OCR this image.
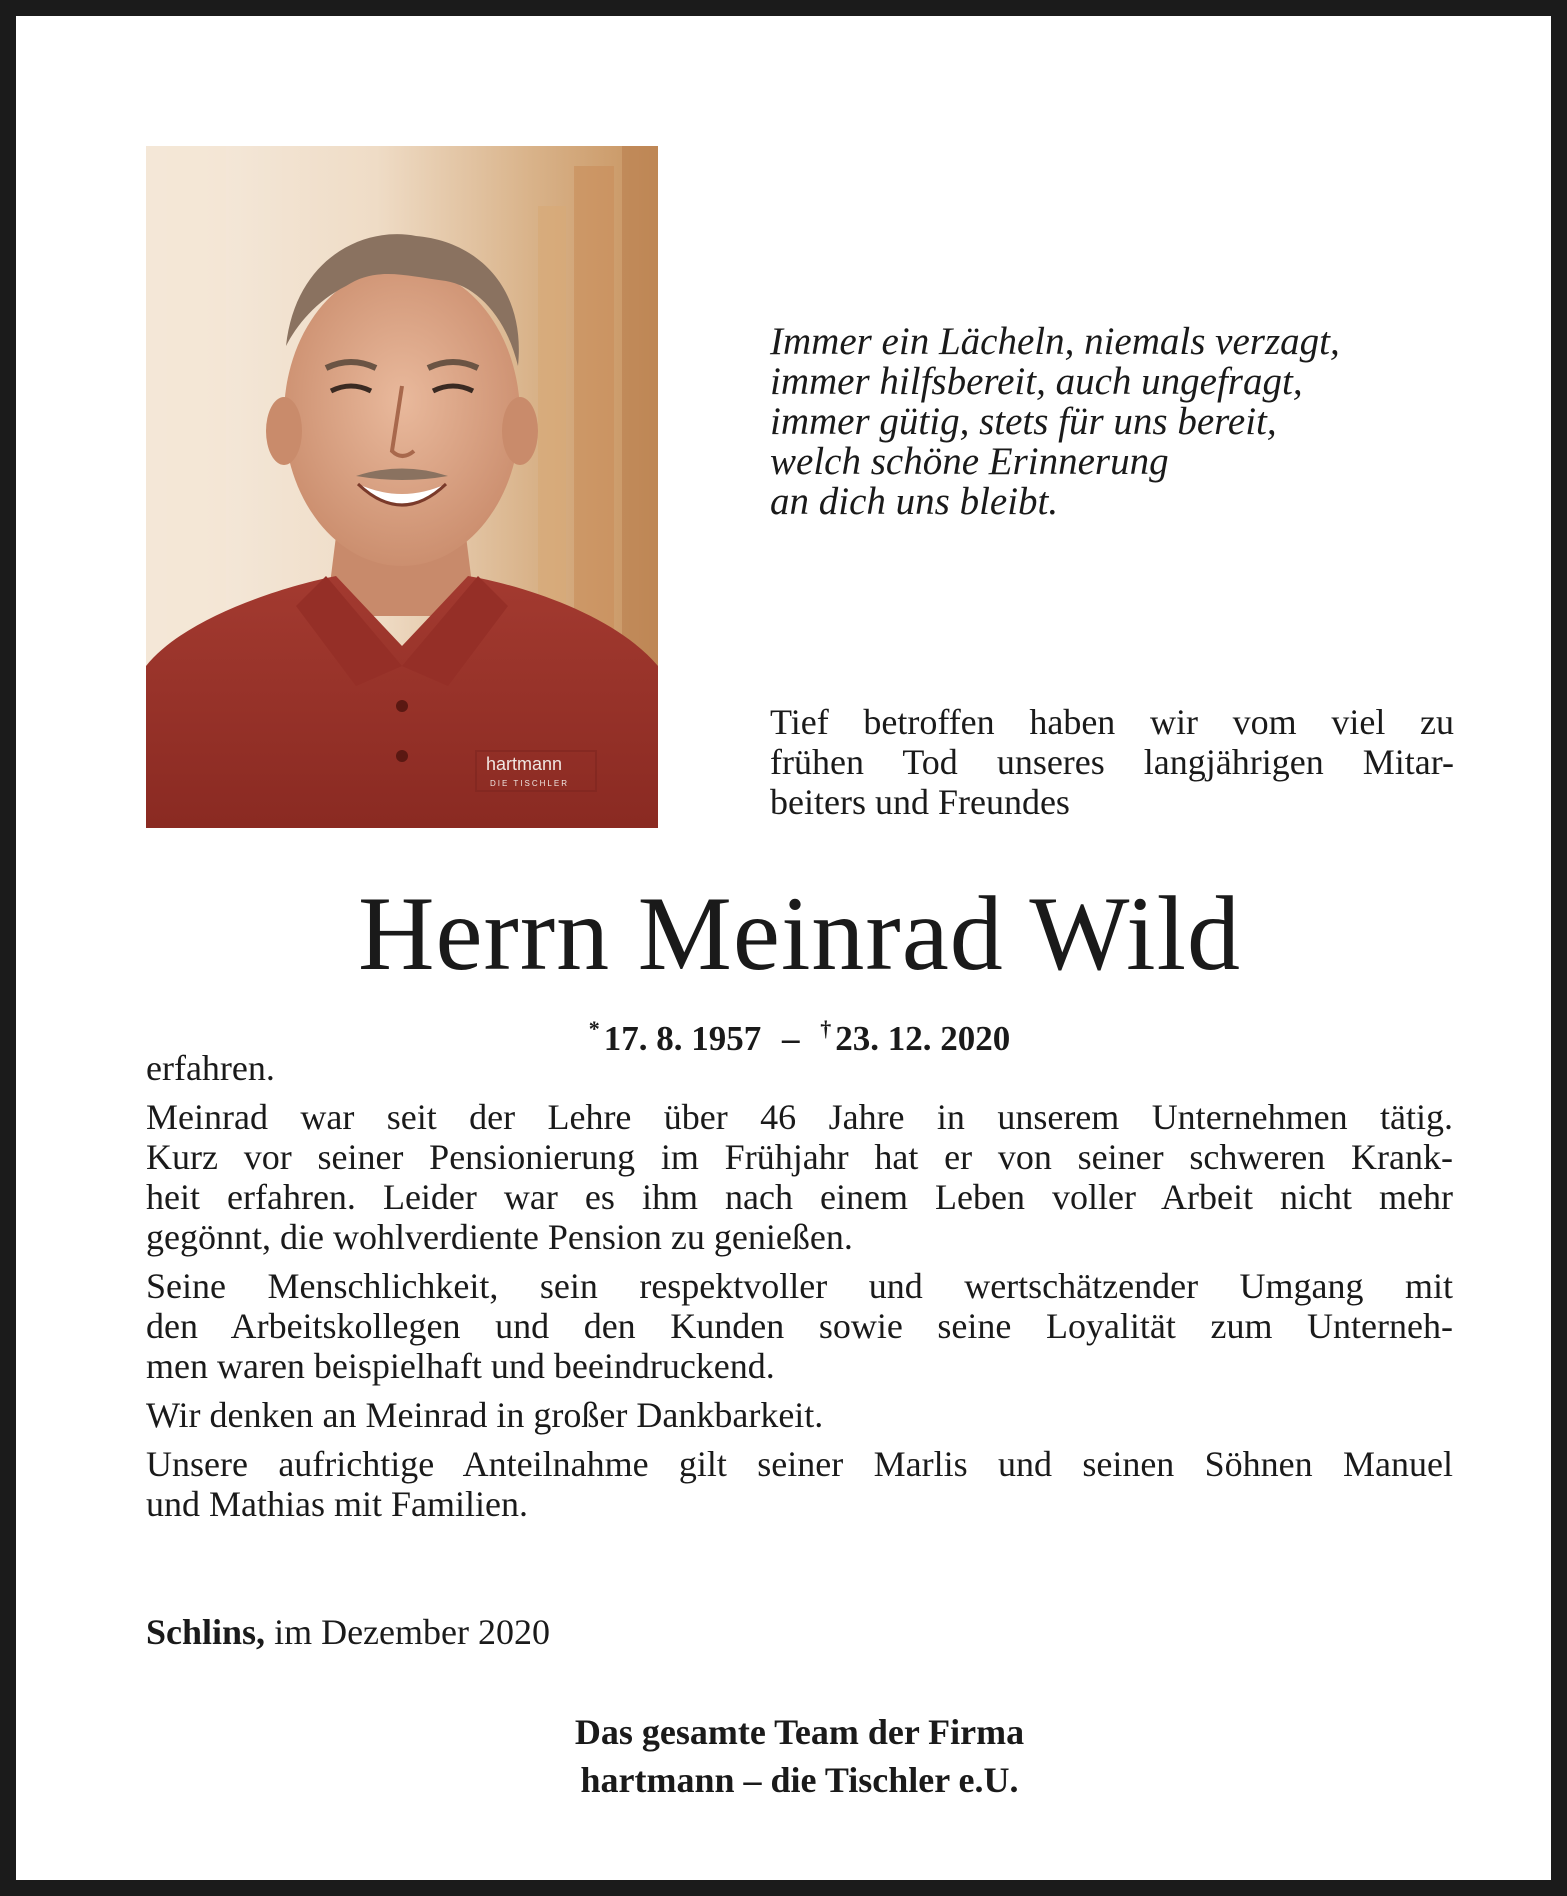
hartmann
DIE TISCHLER
Immer ein Lächeln, niemals verzagt,
immer hilfsbereit, auch ungefragt,
immer gütig, stets für uns bereit,
welch schöne Erinnerung
an dich uns bleibt.
Tief betroffen haben wir vom viel zu
frühen Tod unseres langjährigen Mitar-
beiters und Freundes
Herrn Meinrad Wild
* 17. 8. 1957 – † 23. 12. 2020
erfahren.
Meinrad war seit der Lehre über 46 Jahre in unserem Unternehmen tätig.
Kurz vor seiner Pensionierung im Frühjahr hat er von seiner schweren Krank-
heit erfahren. Leider war es ihm nach einem Leben voller Arbeit nicht mehr
gegönnt, die wohlverdiente Pension zu genießen.
Seine Menschlichkeit, sein respektvoller und wertschätzender Umgang mit
den Arbeitskollegen und den Kunden sowie seine Loyalität zum Unterneh-
men waren beispielhaft und beeindruckend.
Wir denken an Meinrad in großer Dankbarkeit.
Unsere aufrichtige Anteilnahme gilt seiner Marlis und seinen Söhnen Manuel
und Mathias mit Familien.
Schlins, im Dezember 2020
Das gesamte Team der Firma
hartmann – die Tischler e.U.
